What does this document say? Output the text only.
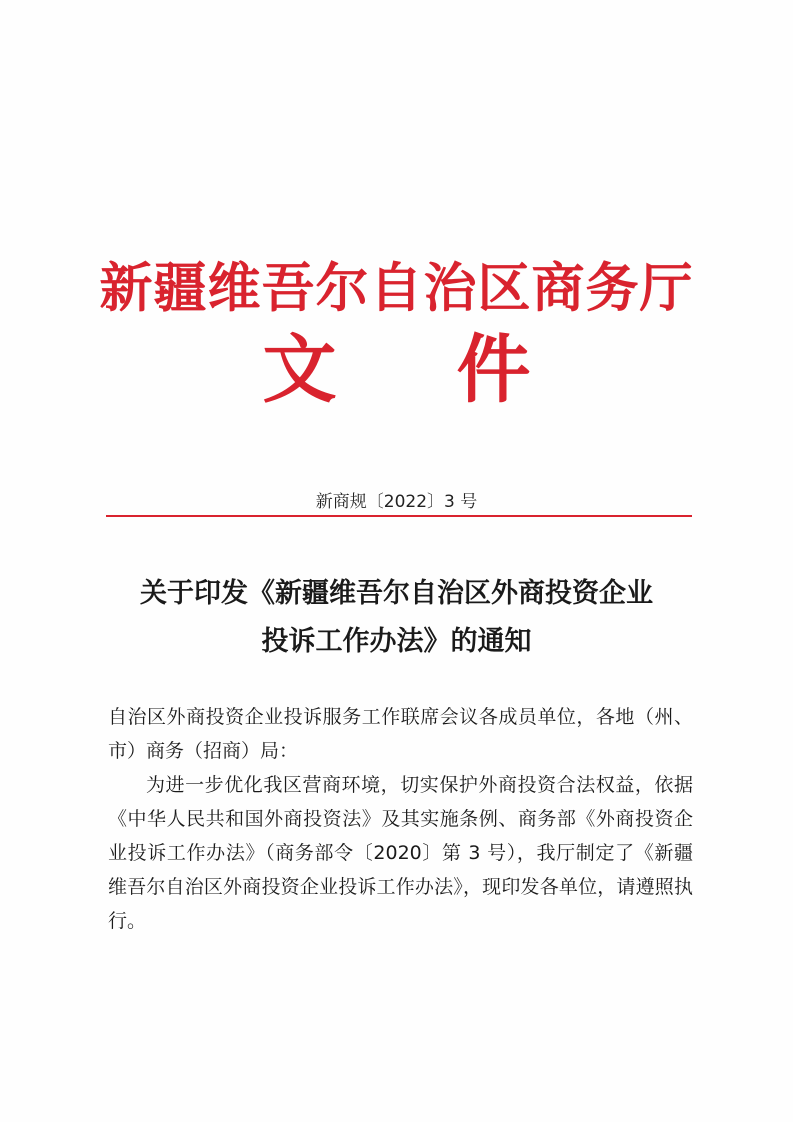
新疆维吾尔自治区商务厅
文件
新商规〔2022〕3 号
关于印发《新疆维吾尔自治区外商投资企业
投诉工作办法》的通知

自治区外商投资企业投诉服务工作联席会议各成员单位，各地（州、市）商务（招商）局：

为进一步优化我区营商环境，切实保护外商投资合法权益，依据《中华人民共和国外商投资法》及其实施条例、商务部《外商投资企业投诉工作办法》（商务部令〔2020〕第 3 号），我厅制定了《新疆维吾尔自治区外商投资企业投诉工作办法》，现印发各单位，请遵照执行。
